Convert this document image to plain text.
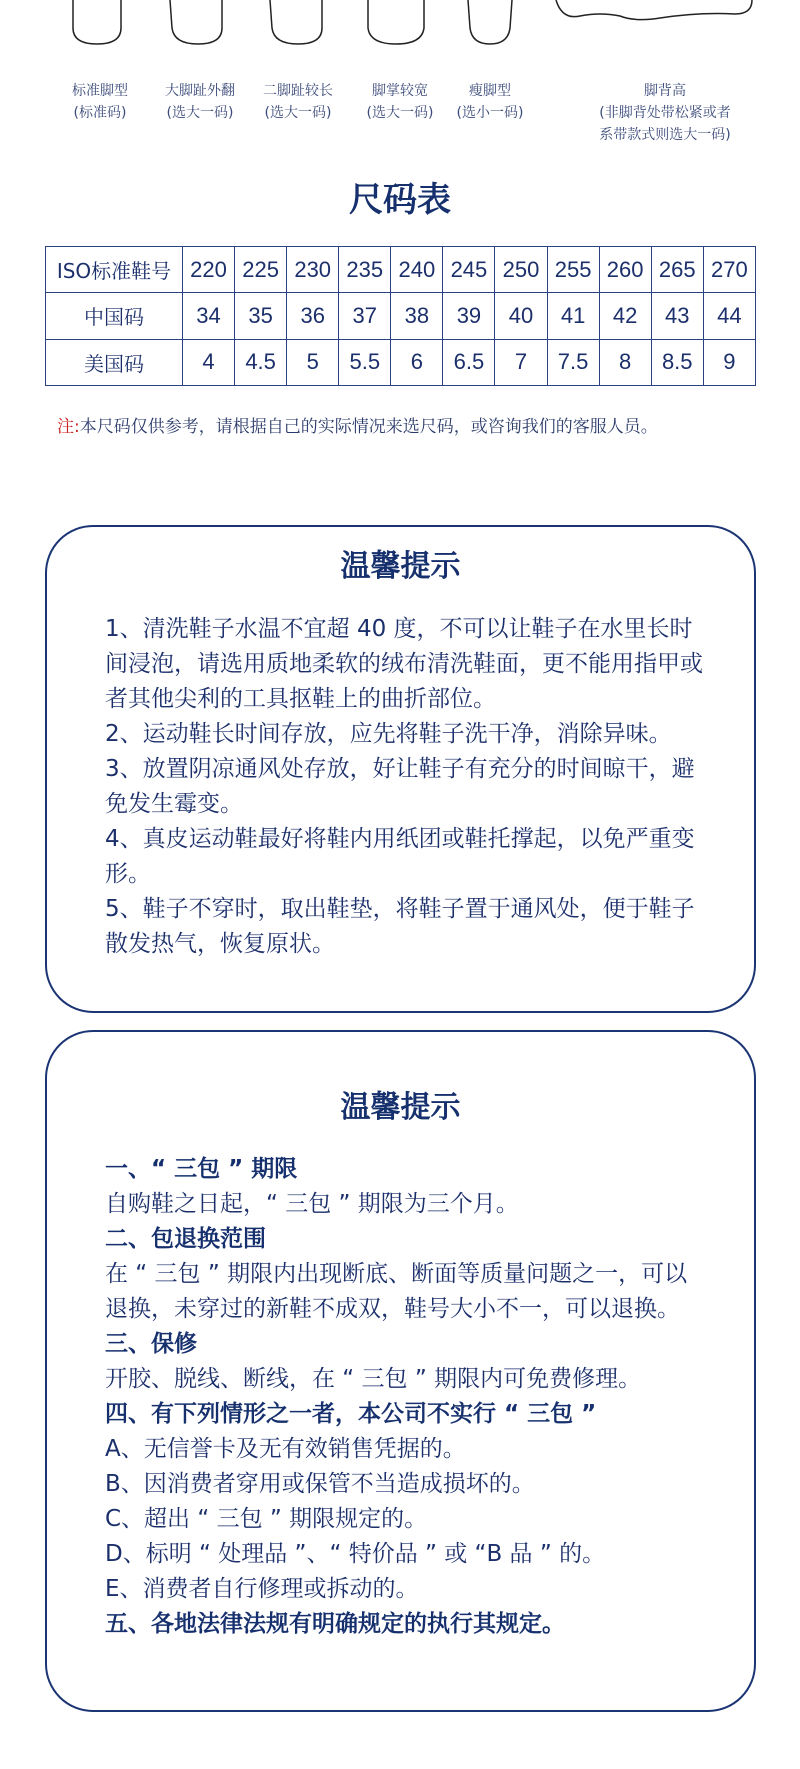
标准脚型
(标准码)
大脚趾外翻
(选大一码)
二脚趾较长
(选大一码)
脚掌较宽
(选大一码)
瘦脚型
(选小一码)
脚背高
(非脚背处带松紧或者
系带款式则选大一码)
尺码表
ISO标准鞋号	220	225	230	235	240	245	250	255	260	265	270
中国码	34	35	36	37	38	39	40	41	42	43	44
美国码	4	4.5	5	5.5	6	6.5	7	7.5	8	8.5	9

注:本尺码仅供参考，请根据自己的实际情况来选尺码，或咨询我们的客服人员。

温馨提示

1、清洗鞋子水温不宜超 40 度，不可以让鞋子在水里长时间浸泡，请选用质地柔软的绒布清洗鞋面，更不能用指甲或者其他尖利的工具抠鞋上的曲折部位。

2、运动鞋长时间存放，应先将鞋子洗干净，消除异味。

3、放置阴凉通风处存放，好让鞋子有充分的时间晾干，避免发生霉变。

4、真皮运动鞋最好将鞋内用纸团或鞋托撑起，以免严重变形。

5、鞋子不穿时，取出鞋垫，将鞋子置于通风处，便于鞋子散发热气，恢复原状。

温馨提示

一、“ 三包 ” 期限

自购鞋之日起，“ 三包 ” 期限为三个月。

二、包退换范围

在 “ 三包 ” 期限内出现断底、断面等质量问题之一，可以退换，未穿过的新鞋不成双，鞋号大小不一，可以退换。

三、保修

开胶、脱线、断线，在 “ 三包 ” 期限内可免费修理。

四、有下列情形之一者，本公司不实行 “ 三包 ”

A、无信誉卡及无有效销售凭据的。

B、因消费者穿用或保管不当造成损坏的。

C、超出 “ 三包 ” 期限规定的。

D、标明 “ 处理品 ”、“ 特价品 ” 或 “B 品 ” 的。

E、消费者自行修理或拆动的。

五、各地法律法规有明确规定的执行其规定。
